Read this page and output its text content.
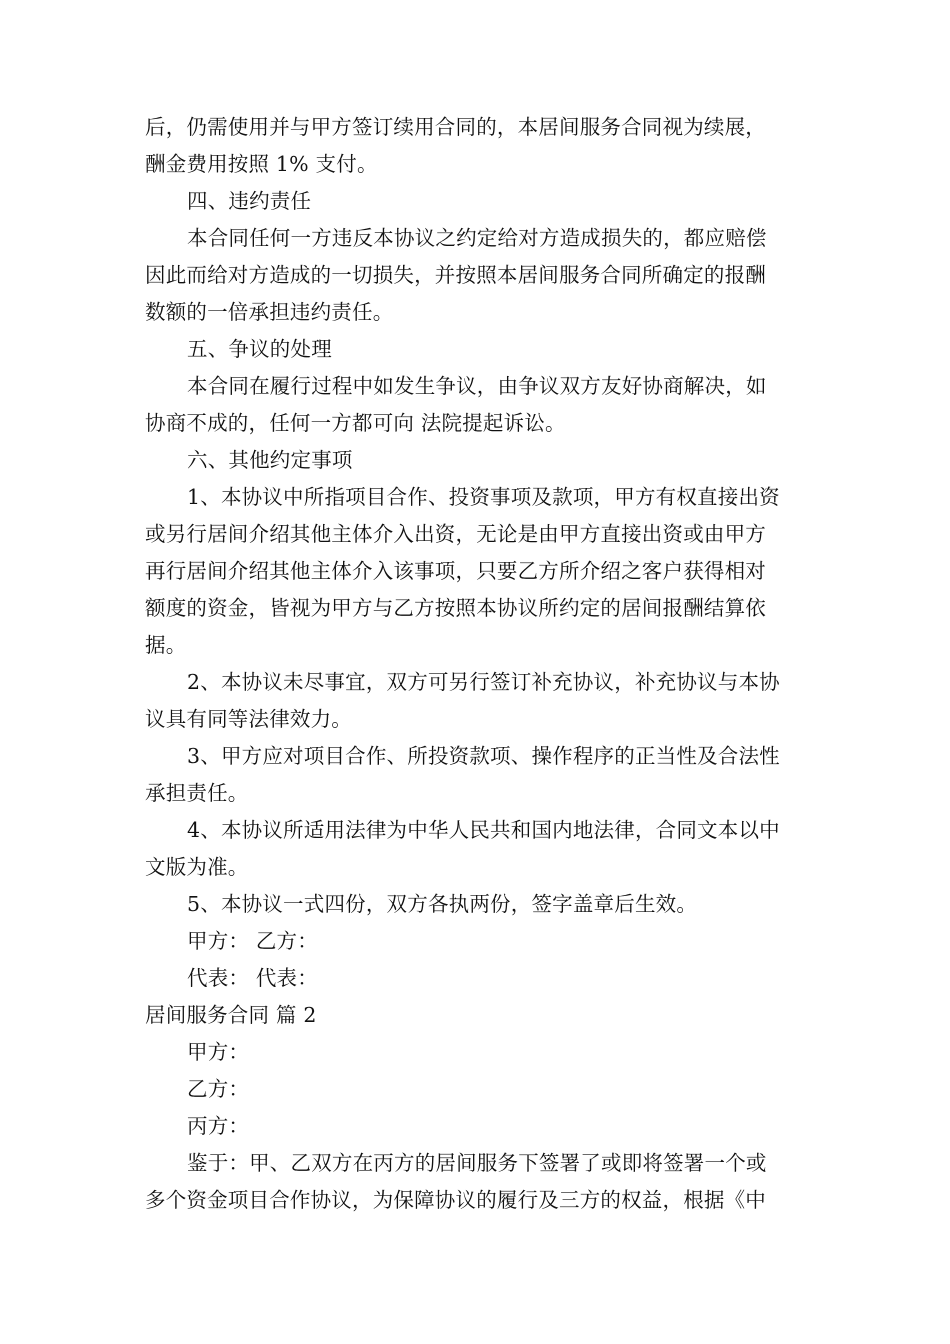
后，仍需使用并与甲方签订续用合同的，本居间服务合同视为续展，
酬金费用按照 1% 支付。
四、违约责任
本合同任何一方违反本协议之约定给对方造成损失的，都应赔偿
因此而给对方造成的一切损失，并按照本居间服务合同所确定的报酬
数额的一倍承担违约责任。
五、争议的处理
本合同在履行过程中如发生争议，由争议双方友好协商解决，如
协商不成的，任何一方都可向 法院提起诉讼。
六、其他约定事项
1、本协议中所指项目合作、投资事项及款项，甲方有权直接出资
或另行居间介绍其他主体介入出资，无论是由甲方直接出资或由甲方
再行居间介绍其他主体介入该事项，只要乙方所介绍之客户获得相对
额度的资金，皆视为甲方与乙方按照本协议所约定的居间报酬结算依
据。
2、本协议未尽事宜，双方可另行签订补充协议，补充协议与本协
议具有同等法律效力。
3、甲方应对项目合作、所投资款项、操作程序的正当性及合法性
承担责任。
4、本协议所适用法律为中华人民共和国内地法律，合同文本以中
文版为准。
5、本协议一式四份，双方各执两份，签字盖章后生效。
甲方： 乙方：
代表： 代表：
居间服务合同 篇 2
甲方：
乙方：
丙方：
鉴于：甲、乙双方在丙方的居间服务下签署了或即将签署一个或
多个资金项目合作协议，为保障协议的履行及三方的权益，根据《中
